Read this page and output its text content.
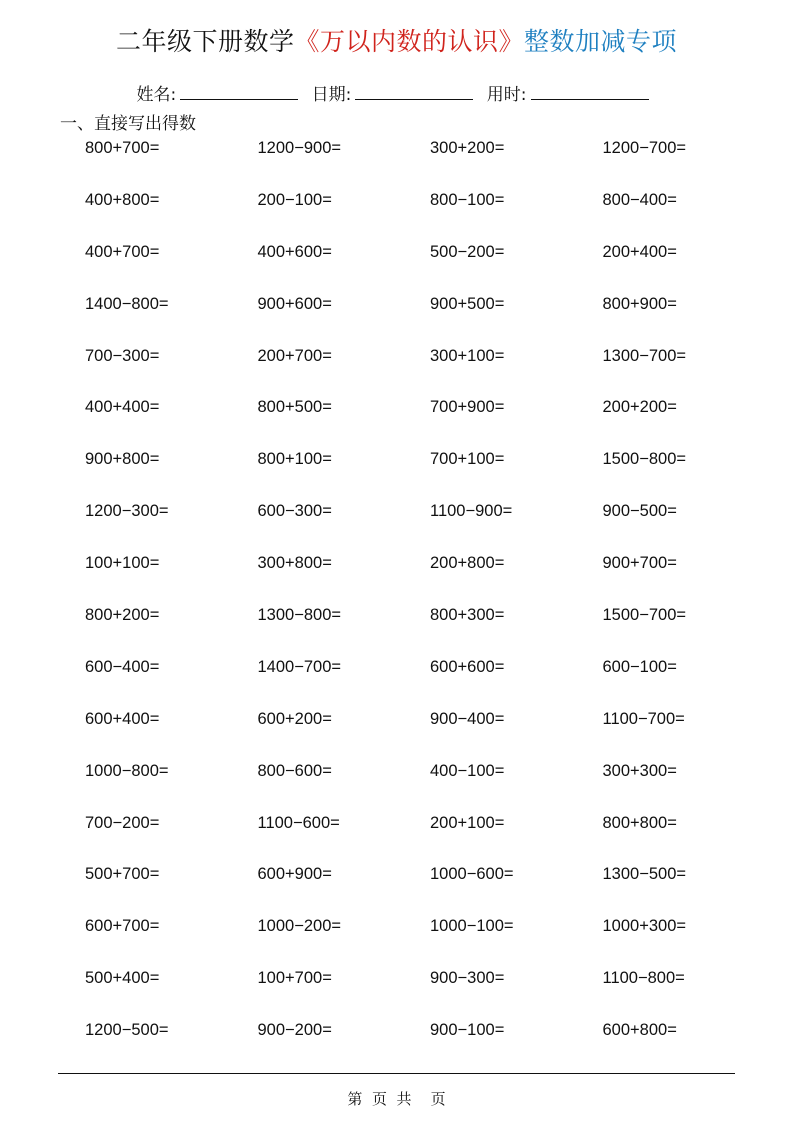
二年级下册数学《万以内数的认识》整数加减专项
姓名:	日期:	用时:
一、直接写出得数
800+700=	1200−900=	300+200=	1200−700=
400+800=	200−100=	800−100=	800−400=
400+700=	400+600=	500−200=	200+400=
1400−800=	900+600=	900+500=	800+900=
700−300=	200+700=	300+100=	1300−700=
400+400=	800+500=	700+900=	200+200=
900+800=	800+100=	700+100=	1500−800=
1200−300=	600−300=	1100−900=	900−500=
100+100=	300+800=	200+800=	900+700=
800+200=	1300−800=	800+300=	1500−700=
600−400=	1400−700=	600+600=	600−100=
600+400=	600+200=	900−400=	1100−700=
1000−800=	800−600=	400−100=	300+300=
700−200=	1100−600=	200+100=	800+800=
500+700=	600+900=	1000−600=	1300−500=
600+700=	1000−200=	1000−100=	1000+300=
500+400=	100+700=	900−300=	1100−800=
1200−500=	900−200=	900−100=	600+800=
第  页  共    页
